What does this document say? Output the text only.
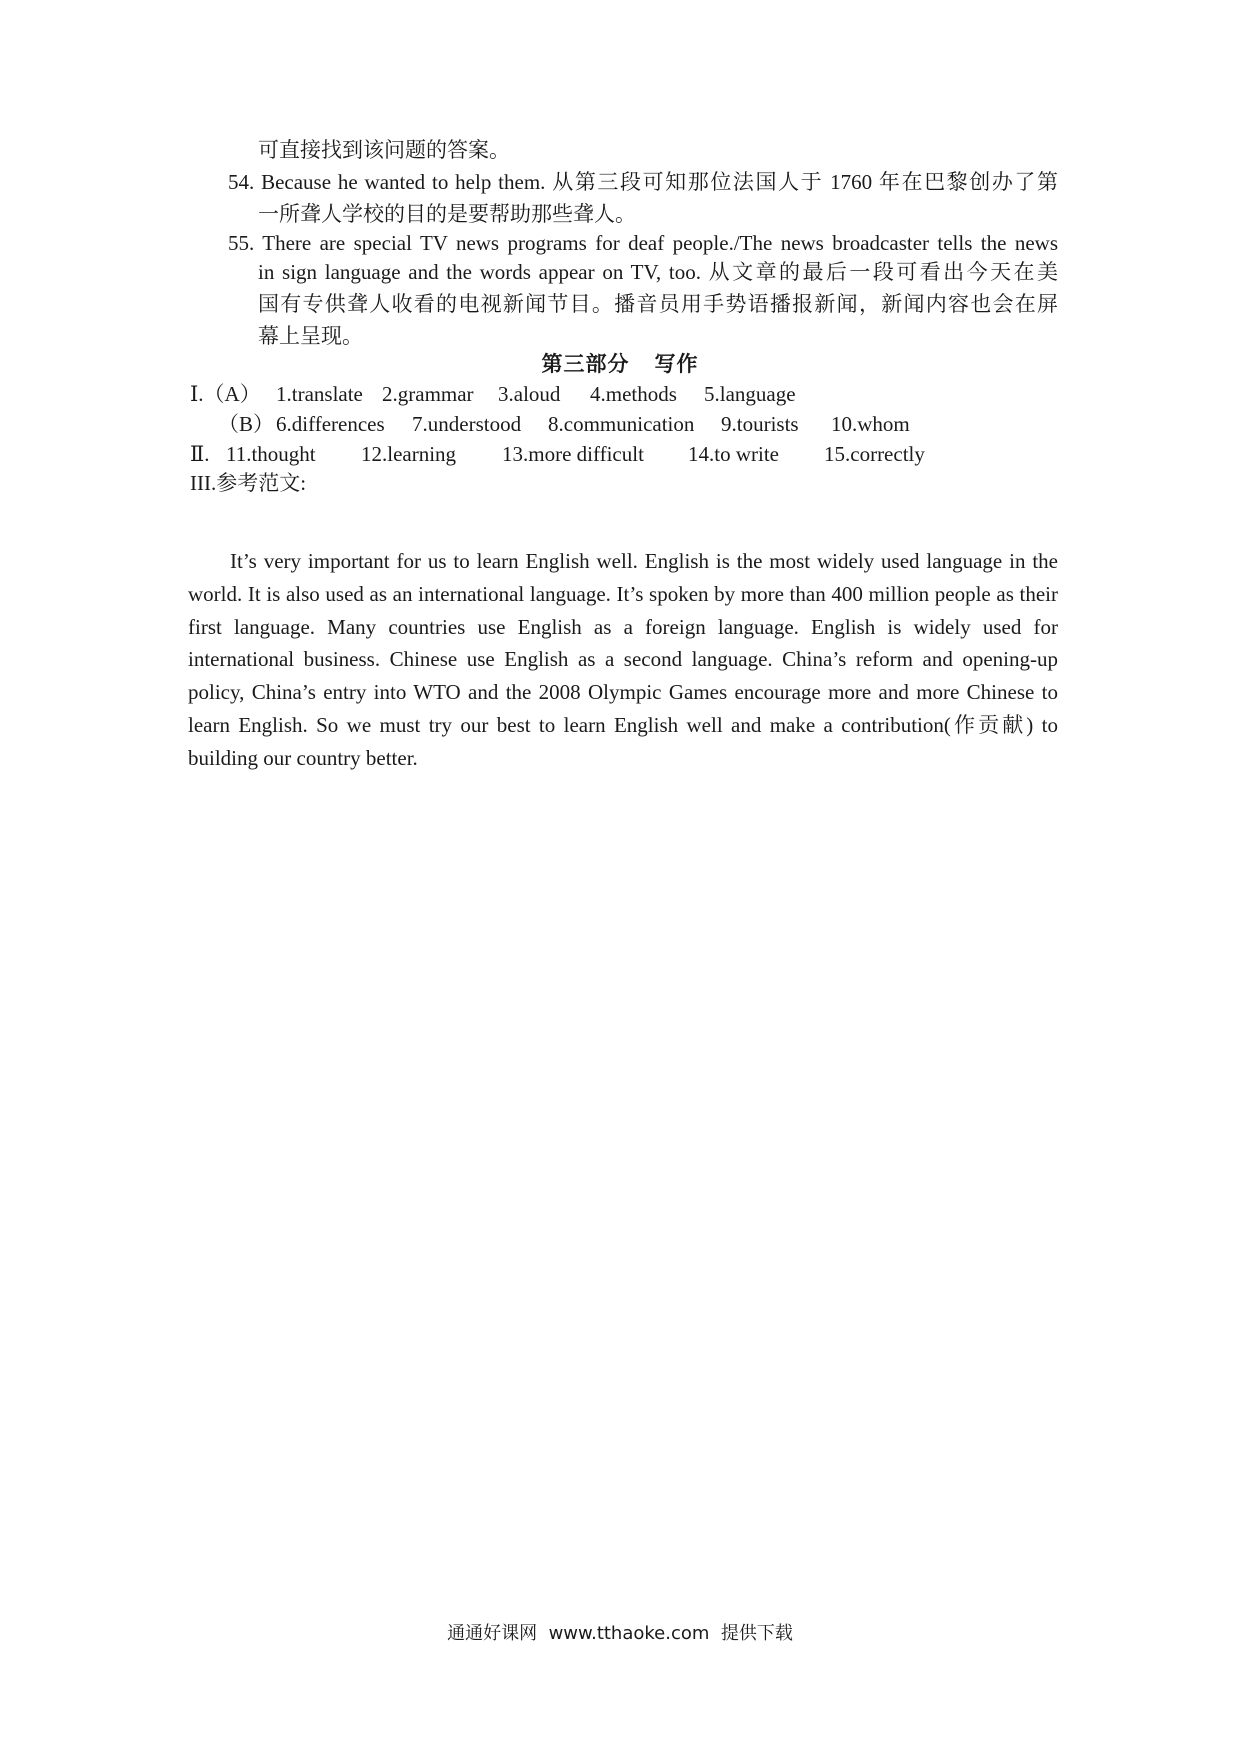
可直接找到该问题的答案。
54. Because he wanted to help them. 从第三段可知那位法国人于 1760 年在巴黎创办了第
一所聋人学校的目的是要帮助那些聋人。
55. There are special TV news programs for deaf people./The news broadcaster tells the news
in sign language and the words appear on TV, too. 从文章的最后一段可看出今天在美
国有专供聋人收看的电视新闻节目。播音员用手势语播报新闻，新闻内容也会在屏
幕上呈现。
第三部分    写作
Ⅰ.（A） 1.translate 2.grammar	3.aloud	4.methods	5.language
（B） 6.differences	7.understood	8.communication	9.tourists	10.whom
Ⅱ. 11.thought	12.learning	13.more difficult	14.to write	15.correctly
III.参考范文:

It’s very important for us to learn English well. English is the most widely used language in the world. It is also used as an international language. It’s spoken by more than 400 million people as their first language. Many countries use English as a foreign language. English is widely used for international business. Chinese use English as a second language. China’s reform and opening-up policy, China’s entry into WTO and the 2008 Olympic Games encourage more and more Chinese to learn English. So we must try our best to learn English well and make a contribution(作贡献) to building our country better.

通通好课网  www.tthaoke.com  提供下载
